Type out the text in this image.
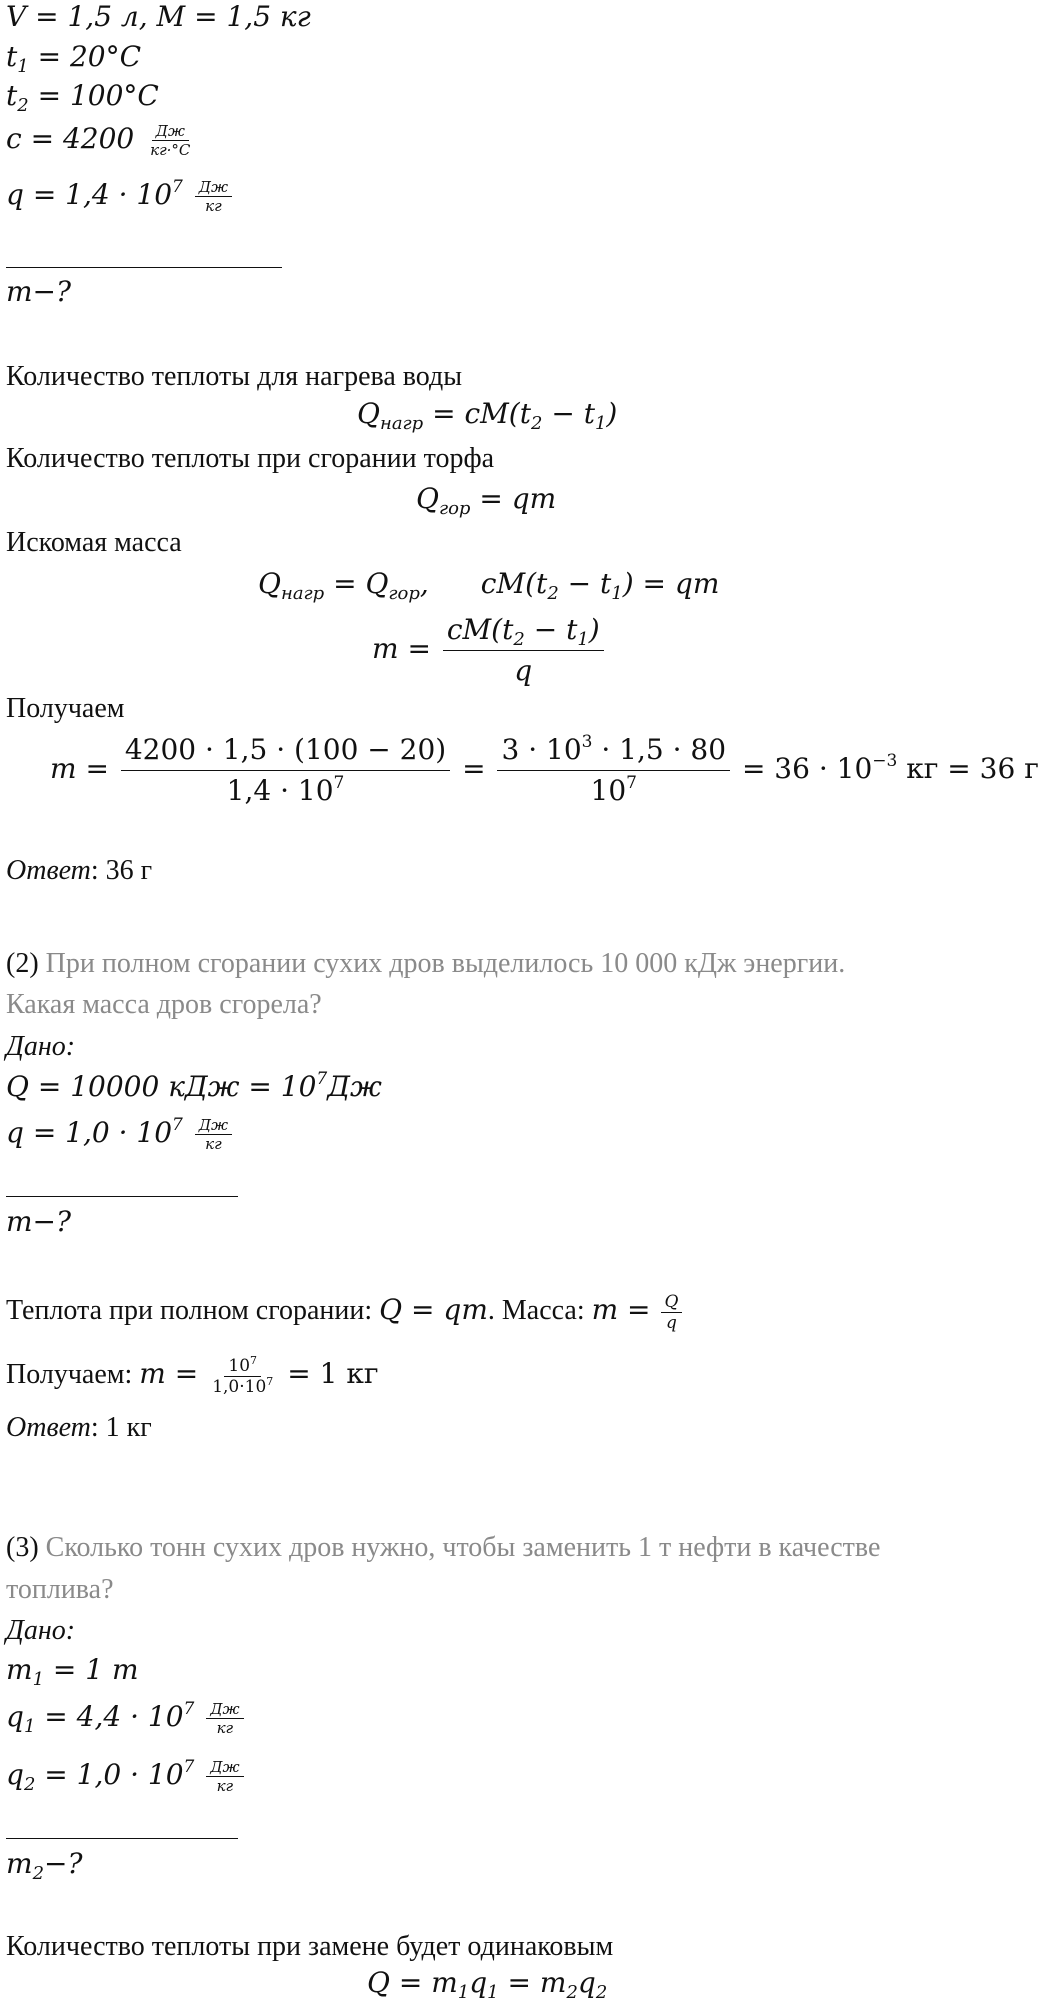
V = 1,5 л, M = 1,5 кг
$t_1 = 20^\circ C$
$t_2 = 100^\circ C$
$c = 4200 \frac{Дж}{кг\cdot^\circ C}$
$q = 1,4 \cdot 10^7 \frac{Дж}{кг}$
m−?
Количество теплоты для нагрева воды
$Q_{нагр} = cM(t_2 - t_1)$
Количество теплоты при сгорании торфа
$Q_{гор}$ = qm
Искомая масса
$Q_{нагр} = Q_{гор}$, $cM(t_2 - t_1)$ = qm
$m = \frac{cM(t_2 - t_1)}{q}$
Получаем
$m = \frac{4200 \cdot 1,5 \cdot (100 - 20)}{1,4 \cdot 10^7} = \frac{3 \cdot 10^3 \cdot 1,5 \cdot 80}{10^7} = 36 \cdot 10^{-3}$ кг = 36 г
Ответ: 36 г
(2) При полном сгорании сухих дров выделилось 10 000 кДж энергии.
Какая масса дров сгорела?
Дано:
Q = 10000 кДж = $10^7Дж$
$q = 1,0 \cdot 10^7 \frac{Дж}{кг}$
m−?
Теплота при полном сгорании: Q = qm. Масса: $m = \frac{Q}{q}$
Получаем: $m = \frac{10^7}{1,0\cdot 10^7} = 1$ кг
Ответ: 1 кг
(3) Сколько тонн сухих дров нужно, чтобы заменить 1 т нефти в качестве
топлива?
Дано:
$m_1 = 1$ т
$q_1 = 4,4 \cdot 10^7 \frac{Дж}{кг}$
$q_2 = 1,0 \cdot 10^7 \frac{Дж}{кг}$
$m_2-$?
Количество теплоты при замене будет одинаковым
$Q = m_1q_1 = m_2q_2$
